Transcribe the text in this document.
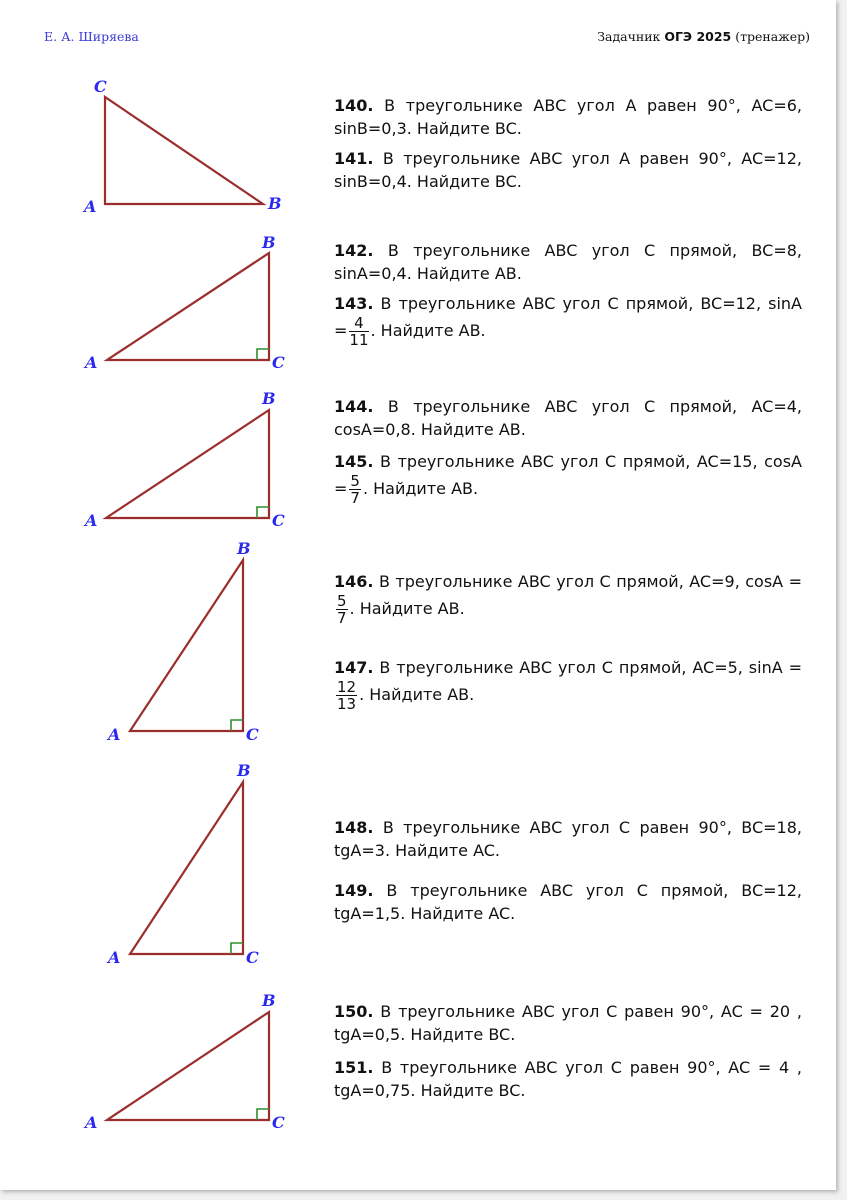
Е. А. Ширяева	Задачник ОГЭ 2025 (тренажер)
C
A	B
B
A	C
B
A	C
B
A	C
B
A	C
B
A	C
140. В треугольнике ABC угол A равен 90°, AC=6, sinB=0,3. Найдите BC.
141. В треугольнике ABC угол A равен 90°, AC=12, sinB=0,4. Найдите BC.
142. В треугольнике ABC угол C прямой, BC=8, sinA=0,4. Найдите AB.
143. В треугольнике ABC угол C прямой, BC=12, $\sin A = \frac{4}{11}$ . Найдите AB.
144. В треугольнике ABC угол C прямой, AC=4, cosA=0,8. Найдите AB.
145. В треугольнике ABC угол C прямой, AC=15, $\cos A = \frac{5}{7}$ . Найдите AB.
146. В треугольнике ABC угол C прямой, AC=9, cosA =
$\frac{5}{7}$ . Найдите AB.
147. В треугольнике ABC угол C прямой, AC=5, sinA =
$\frac{12}{13}$ . Найдите AB.
148. В треугольнике ABC угол C равен 90°, BC=18, tgA=3. Найдите AC.
149. В треугольнике ABC угол C прямой, BC=12, tgA=1,5. Найдите AC.
150. В треугольнике ABC угол C равен 90°, AC = 20 , tgA=0,5. Найдите BC.
151. В треугольнике ABC угол C равен 90°, AC = 4 , tgA=0,75. Найдите BC.
